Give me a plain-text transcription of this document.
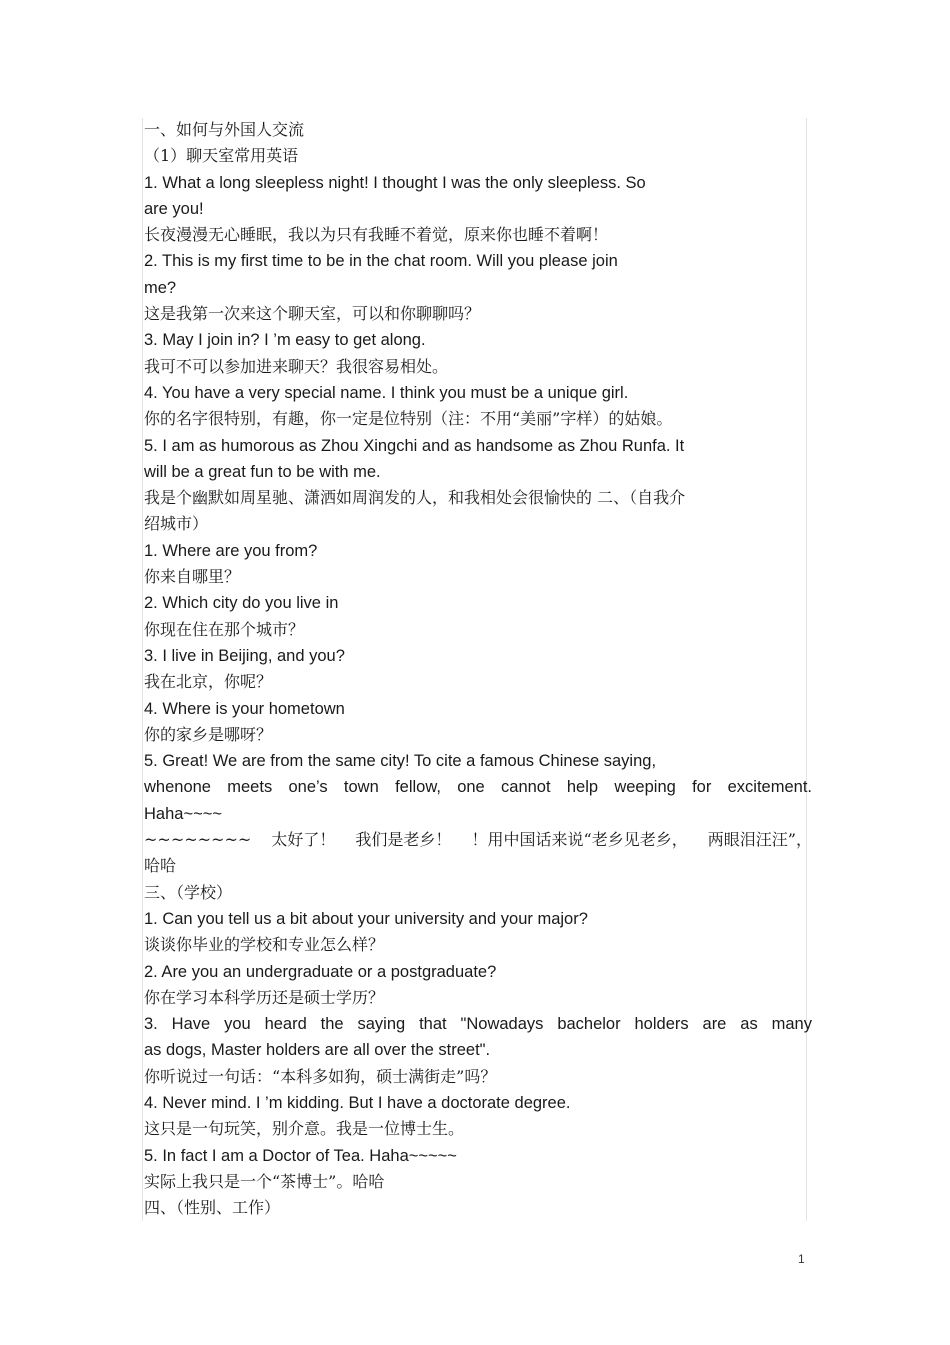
一、如何与外国人交流
（1）聊天室常用英语
1. What a long sleepless night! I thought I was the only sleepless. So
are you!
长夜漫漫无心睡眠，我以为只有我睡不着觉，原来你也睡不着啊！
2. This is my first time to be in the chat room. Will you please join
me?
这是我第一次来这个聊天室，可以和你聊聊吗？
3. May I join in? I ’m easy to get along.
我可不可以参加进来聊天？我很容易相处。
4. You have a very special name. I think you must be a unique girl.
你的名字很特别，有趣，你一定是位特别（注：不用“美丽”字样）的姑娘。
5. I am as humorous as Zhou Xingchi and as handsome as Zhou Runfa. It
will be a great fun to be with me.
我是个幽默如周星驰、潇洒如周润发的人，和我相处会很愉快的 二、（自我介
绍城市）
1. Where are you from?
你来自哪里？
2. Which city do you live in
你现在住在那个城市？
3. I live in Beijing, and you?
我在北京，你呢？
4. Where is your hometown
你的家乡是哪呀？
5. Great! We are from the same city! To cite a famous Chinese saying,
whenone meets one’s town fellow, one cannot help weeping for excitement.
Haha~~~~
~~~~~~~~ 太好了！ 我们是老乡！ ！用中国话来说“老乡见老乡， 两眼泪汪汪”，
哈哈
三、（学校）
1. Can you tell us a bit about your university and your major?
谈谈你毕业的学校和专业怎么样？
2. Are you an undergraduate or a postgraduate?
你在学习本科学历还是硕士学历？
3. Have you heard the saying that "Nowadays bachelor holders are as many
as dogs, Master holders are all over the street".
你听说过一句话：“本科多如狗，硕士满街走”吗？
4. Never mind. I ’m kidding. But I have a doctorate degree.
这只是一句玩笑，别介意。我是一位博士生。
5. In fact I am a Doctor of Tea. Haha~~~~~
实际上我只是一个“茶博士”。哈哈
四、（性别、工作）
1
